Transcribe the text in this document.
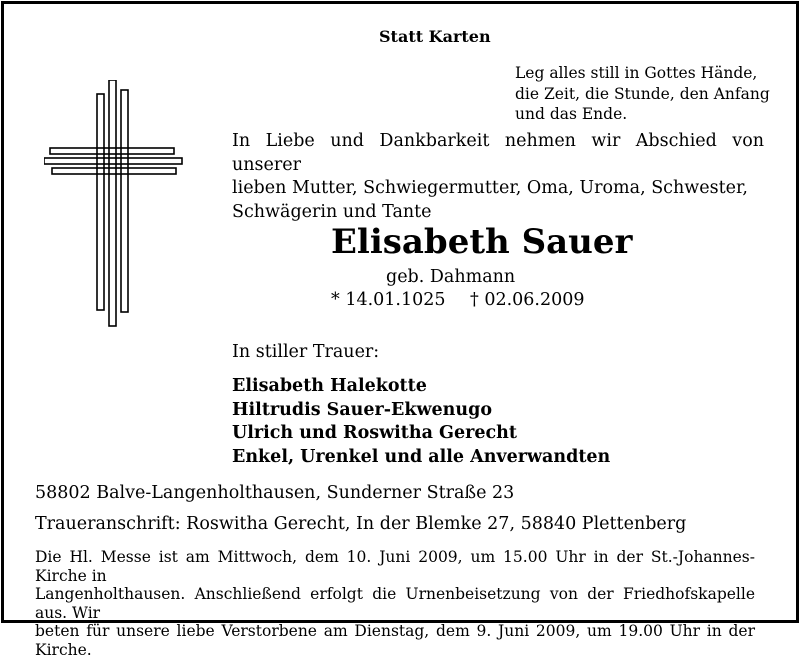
Statt Karten
Leg alles still in Gottes Hände,
die Zeit, die Stunde, den Anfang
und das Ende.
In Liebe und Dankbarkeit nehmen wir Abschied von unserer
lieben Mutter, Schwiegermutter, Oma, Uroma, Schwester,
Schwägerin und Tante
Elisabeth Sauer
geb. Dahmann
* 14.01.1025 † 02.06.2009
In stiller Trauer:
Elisabeth Halekotte
Hiltrudis Sauer-Ekwenugo
Ulrich und Roswitha Gerecht
Enkel, Urenkel und alle Anverwandten
58802 Balve-Langenholthausen, Sunderner Straße 23
Traueranschrift: Roswitha Gerecht, In der Blemke 27, 58840 Plettenberg
Die Hl. Messe ist am Mittwoch, dem 10. Juni 2009, um 15.00 Uhr in der St.-Johannes-Kirche in
Langenholthausen. Anschließend erfolgt die Urnenbeisetzung von der Friedhofskapelle aus. Wir
beten für unsere liebe Verstorbene am Dienstag, dem 9. Juni 2009, um 19.00 Uhr in der Kirche.
